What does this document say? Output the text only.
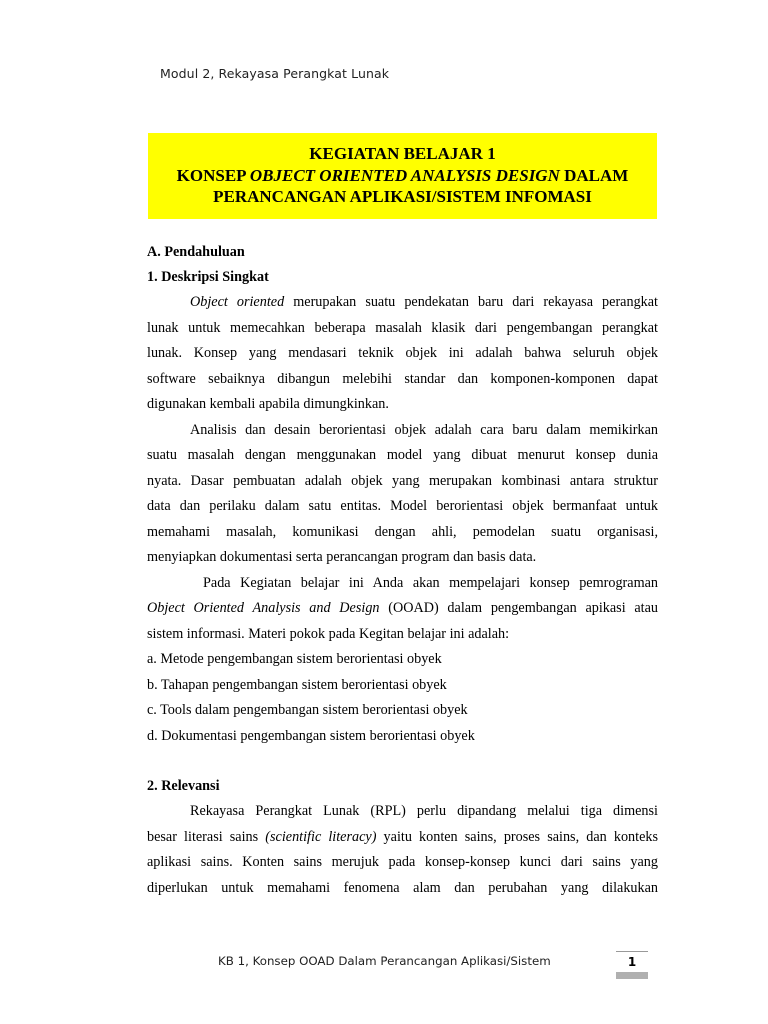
Modul 2, Rekayasa Perangkat Lunak
KEGIATAN BELAJAR 1
KONSEP OBJECT ORIENTED ANALYSIS DESIGN DALAM
PERANCANGAN APLIKASI/SISTEM INFOMASI
A. Pendahuluan
1. Deskripsi Singkat
Object oriented merupakan suatu pendekatan baru dari rekayasa perangkat
lunak untuk memecahkan beberapa masalah klasik dari pengembangan perangkat
lunak. Konsep yang mendasari teknik objek ini adalah bahwa seluruh objek
software sebaiknya dibangun melebihi standar dan komponen-komponen dapat
digunakan kembali apabila dimungkinkan.
Analisis dan desain berorientasi objek adalah cara baru dalam memikirkan
suatu masalah dengan menggunakan model yang dibuat menurut konsep dunia
nyata. Dasar pembuatan adalah objek yang merupakan kombinasi antara struktur
data dan perilaku dalam satu entitas. Model berorientasi objek bermanfaat untuk
memahami masalah, komunikasi dengan ahli, pemodelan suatu organisasi,
menyiapkan dokumentasi serta perancangan program dan basis data.
Pada Kegiatan belajar ini Anda akan mempelajari konsep pemrograman
Object Oriented Analysis and Design (OOAD) dalam pengembangan apikasi atau
sistem informasi. Materi pokok pada Kegitan belajar ini adalah:
a. Metode pengembangan sistem berorientasi obyek
b. Tahapan pengembangan sistem berorientasi obyek
c. Tools dalam pengembangan sistem berorientasi obyek
d. Dokumentasi pengembangan sistem berorientasi obyek
2. Relevansi
Rekayasa Perangkat Lunak (RPL) perlu dipandang melalui tiga dimensi
besar literasi sains (scientific literacy) yaitu konten sains, proses sains, dan konteks
aplikasi sains. Konten sains merujuk pada konsep-konsep kunci dari sains yang
diperlukan untuk memahami fenomena alam dan perubahan yang dilakukan
KB 1, Konsep OOAD Dalam Perancangan Aplikasi/Sistem	1
